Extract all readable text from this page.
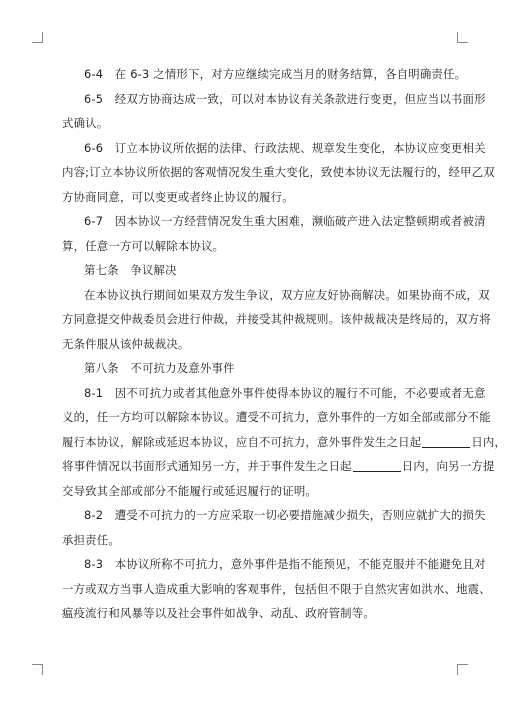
6-4　在 6-3 之情形下，对方应继续完成当月的财务结算，各自明确责任。
6-5　经双方协商达成一致，可以对本协议有关条款进行变更，但应当以书面形
式确认。
6-6　订立本协议所依据的法律、行政法规、规章发生变化，本协议应变更相关
内容;订立本协议所依据的客观情况发生重大变化，致使本协议无法履行的，经甲乙双
方协商同意，可以变更或者终止协议的履行。
6-7　因本协议一方经营情况发生重大困难，濒临破产进入法定整顿期或者被清
算，任意一方可以解除本协议。
第七条　争议解决
在本协议执行期间如果双方发生争议，双方应友好协商解决。如果协商不成，双
方同意提交仲裁委员会进行仲裁，并接受其仲裁规则。该仲裁裁决是终局的，双方将
无条件服从该仲裁裁决。
第八条　不可抗力及意外事件
8-1　因不可抗力或者其他意外事件使得本协议的履行不可能，不必要或者无意
义的，任一方均可以解除本协议。遭受不可抗力，意外事件的一方如全部或部分不能
履行本协议，解除或延迟本协议，应自不可抗力，意外事件发生之日起	日内，
将事件情况以书面形式通知另一方，并于事件发生之日起	日内，向另一方提
交导致其全部或部分不能履行或延迟履行的证明。
8-2　遭受不可抗力的一方应采取一切必要措施减少损失，否则应就扩大的损失
承担责任。
8-3　本协议所称不可抗力，意外事件是指不能预见，不能克服并不能避免且对
一方或双方当事人造成重大影响的客观事件，包括但不限于自然灾害如洪水、地震、
瘟疫流行和风暴等以及社会事件如战争、动乱、政府管制等。
